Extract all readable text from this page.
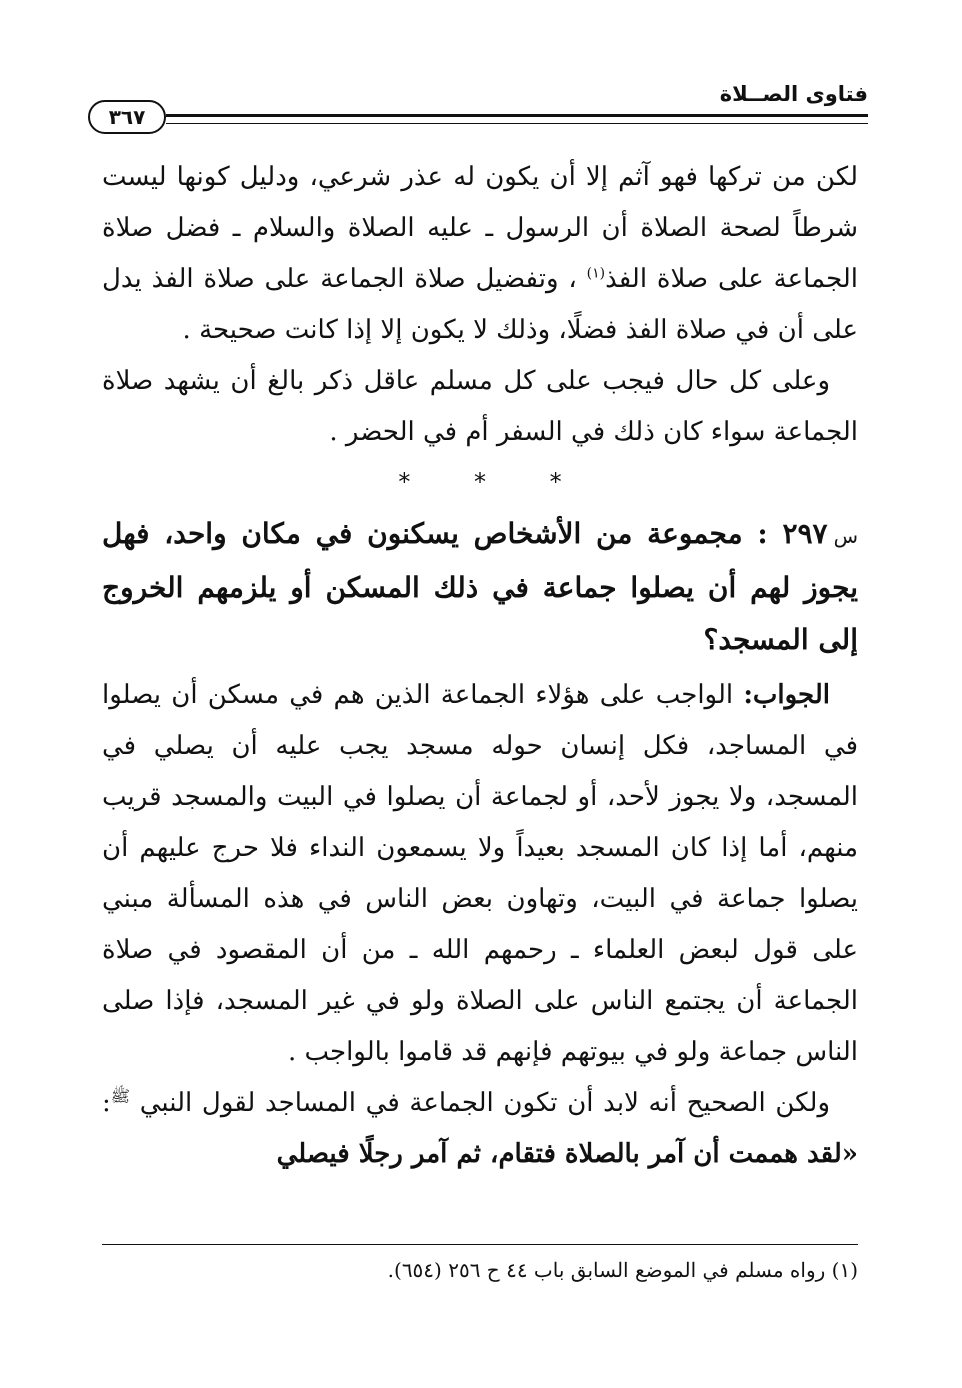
فتاوى الصــلاة
٣٦٧

لكن من تركها فهو آثم إلا أن يكون له عذر شرعي، ودليل كونها ليست شرطاً لصحة الصلاة أن الرسول ـ عليه الصلاة والسلام ـ فضل صلاة الجماعة على صلاة الفذ$^{(١)}$ ، وتفضيل صلاة الجماعة على صلاة الفذ يدل على أن في صلاة الفذ فضلًا، وذلك لا يكون إلا إذا كانت صحيحة .

وعلى كل حال فيجب على كل مسلم عاقل ذكر بالغ أن يشهد صلاة الجماعة سواء كان ذلك في السفر أم في الحضر .

* * *

س٢٩٧ : مجموعة من الأشخاص يسكنون في مكان واحد، فهل يجوز لهم أن يصلوا جماعة في ذلك المسكن أو يلزمهم الخروج إلى المسجد؟

الجواب: الواجب على هؤلاء الجماعة الذين هم في مسكن أن يصلوا في المساجد، فكل إنسان حوله مسجد يجب عليه أن يصلي في المسجد، ولا يجوز لأحد، أو لجماعة أن يصلوا في البيت والمسجد قريب منهم، أما إذا كان المسجد بعيداً ولا يسمعون النداء فلا حرج عليهم أن يصلوا جماعة في البيت، وتهاون بعض الناس في هذه المسألة مبني على قول لبعض العلماء ـ رحمهم الله ـ من أن المقصود في صلاة الجماعة أن يجتمع الناس على الصلاة ولو في غير المسجد، فإذا صلى الناس جماعة ولو في بيوتهم فإنهم قد قاموا بالواجب .

ولكن الصحيح أنه لابد أن تكون الجماعة في المساجد لقول النبي $^ﷺ$: «لقد هممت أن آمر بالصلاة فتقام، ثم آمر رجلًا فيصلي

(١) رواه مسلم في الموضع السابق باب ٤٤ ح ٢٥٦ (٦٥٤).
